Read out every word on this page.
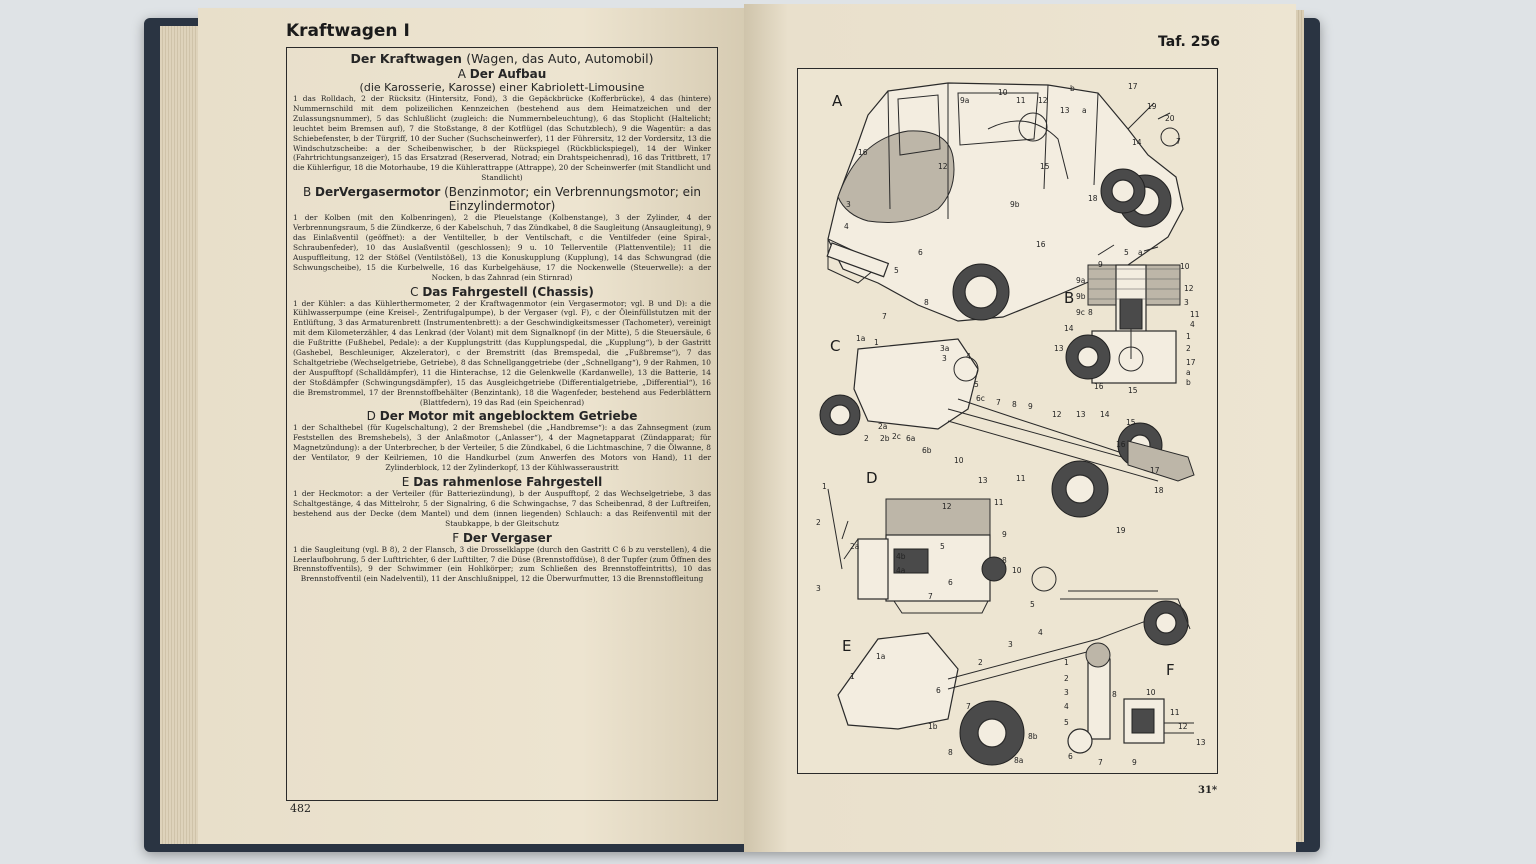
Kraftwagen I
Der Kraftwagen (Wagen, das Auto, Automobil)
A Der Aufbau
(die Karosserie, Karosse) einer Kabriolett-Limousine

1 das Rolldach, 2 der Rücksitz (Hintersitz, Fond), 3 die Gepäckbrücke (Kofferbrücke), 4 das (hintere) Nummernschild mit dem polizeilichen Kennzeichen (bestehend aus dem Heimatzeichen und der Zulassungsnummer), 5 das Schlußlicht (zugleich: die Nummernbeleuchtung), 6 das Stoplicht (Haltelicht; leuchtet beim Bremsen auf), 7 die Stoßstange, 8 der Kotflügel (das Schutzblech), 9 die Wagentür: a das Schiebefenster, b der Türgriff, 10 der Sucher (Suchscheinwerfer), 11 der Führersitz, 12 der Vordersitz, 13 die Windschutzscheibe: a der Scheibenwischer, b der Rückspiegel (Rückblickspiegel), 14 der Winker (Fahrtrichtungsanzeiger), 15 das Ersatzrad (Reserverad, Notrad; ein Drahtspeichenrad), 16 das Trittbrett, 17 die Kühlerfigur, 18 die Motorhaube, 19 die Kühlerattrappe (Attrappe), 20 der Scheinwerfer (mit Standlicht und Standlicht)

B DerVergasermotor (Benzinmotor; ein Verbrennungsmotor; ein Einzylindermotor)

1 der Kolben (mit den Kolbenringen), 2 die Pleuelstange (Kolbenstange), 3 der Zylinder, 4 der Verbrennungsraum, 5 die Zündkerze, 6 der Kabelschuh, 7 das Zündkabel, 8 die Saugleitung (Ansaugleitung), 9 das Einlaßventil (geöffnet): a der Ventilteller, b der Ventilschaft, c die Ventilfeder (eine Spiral-, Schraubenfeder), 10 das Auslaßventil (geschlossen); 9 u. 10 Tellerventile (Plattenventile); 11 die Auspuffleitung, 12 der Stößel (Ventilstößel), 13 die Konuskupplung (Kupplung), 14 das Schwungrad (die Schwungscheibe), 15 die Kurbelwelle, 16 das Kurbelgehäuse, 17 die Nockenwelle (Steuerwelle): a der Nocken, b das Zahnrad (ein Stirnrad)

C Das Fahrgestell (Chassis)

1 der Kühler: a das Kühlerthermometer, 2 der Kraftwagenmotor (ein Vergasermotor; vgl. B und D): a die Kühlwasserpumpe (eine Kreisel-, Zentrifugalpumpe), b der Vergaser (vgl. F), c der Öleinfüllstutzen mit der Entlüftung, 3 das Armaturenbrett (Instrumentenbrett): a der Geschwindigkeitsmesser (Tachometer), vereinigt mit dem Kilometerzähler, 4 das Lenkrad (der Volant) mit dem Signalknopf (in der Mitte), 5 die Steuersäule, 6 die Fußtritte (Fußhebel, Pedale): a der Kupplungstritt (das Kupplungspedal, die „Kupplung“), b der Gastritt (Gashebel, Beschleuniger, Akzelerator), c der Bremstritt (das Bremspedal, die „Fußbremse“), 7 das Schaltgetriebe (Wechselgetriebe, Getriebe), 8 das Schnellganggetriebe (der „Schnellgang“), 9 der Rahmen, 10 der Auspufftopf (Schalldämpfer), 11 die Hinterachse, 12 die Gelenkwelle (Kardanwelle), 13 die Batterie, 14 der Stoßdämpfer (Schwingungsdämpfer), 15 das Ausgleichgetriebe (Differentialgetriebe, „Differential“), 16 die Bremstrommel, 17 der Brennstoffbehälter (Benzintank), 18 die Wagenfeder, bestehend aus Federblättern (Blattfedern), 19 das Rad (ein Speichenrad)

D Der Motor mit angeblocktem Getriebe

1 der Schalthebel (für Kugelschaltung), 2 der Bremshebel (die „Handbremse“): a das Zahnsegment (zum Feststellen des Bremshebels), 3 der Anlaßmotor („Anlasser“), 4 der Magnetapparat (Zündapparat; für Magnetzündung): a der Unterbrecher, b der Verteiler, 5 die Zündkabel, 6 die Lichtmaschine, 7 die Ölwanne, 8 der Ventilator, 9 der Keilriemen, 10 die Handkurbel (zum Anwerfen des Motors von Hand), 11 der Zylinderblock, 12 der Zylinderkopf, 13 der Kühlwasseraustritt

E Das rahmenlose Fahrgestell

1 der Heckmotor: a der Verteiler (für Batteriezündung), b der Auspufftopf, 2 das Wechselgetriebe, 3 das Schaltgestänge, 4 das Mittelrohr, 5 der Signalring, 6 die Schwingachse, 7 das Scheibenrad, 8 der Luftreifen, bestehend aus der Decke (dem Mantel) und dem (innen liegenden) Schlauch: a das Reifenventil mit der Staubkappe, b der Gleitschutz

F Der Vergaser

1 die Saugleitung (vgl. B 8), 2 der Flansch, 3 die Drosselklappe (durch den Gastritt C 6 b zu verstellen), 4 die Leerlaufbohrung, 5 der Lufttrichter, 6 der Lufttilter, 7 die Düse (Brennstoffdüse), 8 der Tupfer (zum Öffnen des Brennstoffventils), 9 der Schwimmer (ein Hohlkörper; zum Schließen des Brennstoffeintritts), 10 das Brennstoffventil (ein Nadelventil), 11 der Anschlußnippel, 12 die Überwurfmutter, 13 die Brennstoffleitung

482
Taf. 256
A
16
12
9a
10	b	17
19
20
7
6
5
15
9b
16
13
12
11
a
3
4
8
7
18
14
B
5 a
9	10
9a
9b
9c
12
3
14
13
16	15
17
1
2
11
8
4
a
b
C 1a 1
3a
3	4
5
6c 7 8 9
12 13 14
15
16
17
18
19
10
11
6b
6a
2c
2a
2b
2
D
1
2
2a
3
4a
4b
5
6
7
8
9
10
11
12
13
E
1a
1
1b
2
3
4
5
6
7
8
8a
8b
F
1
2
3
4
5
6
7
8
9
10
11
12
13
31*
